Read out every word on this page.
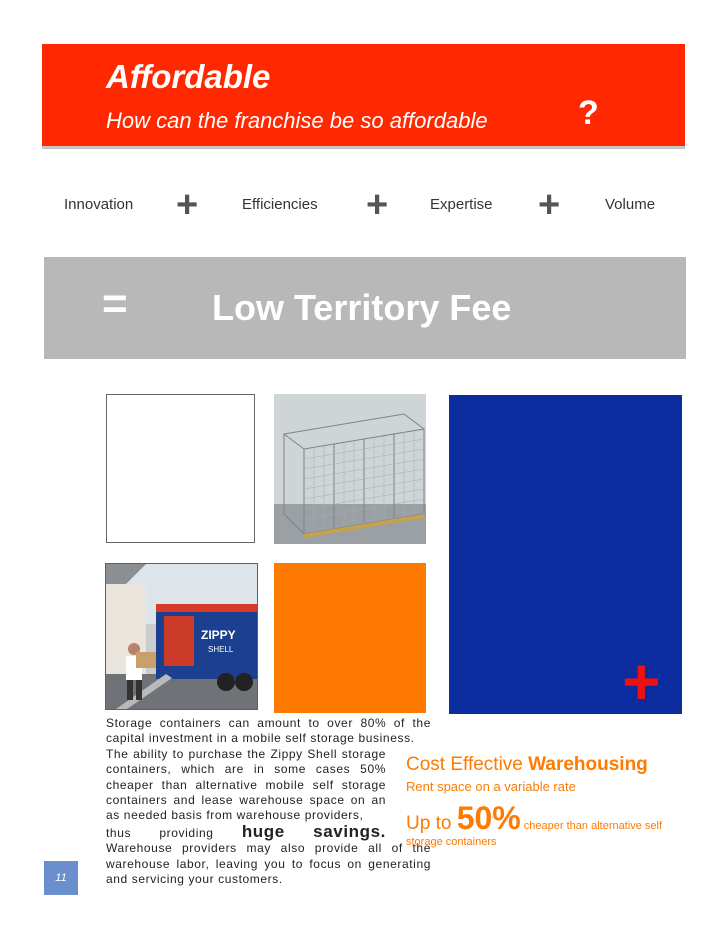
Affordable
How can the franchise be so affordable	?
Innovation +	Efficiencies +	Expertise +	Volume
= Low Territory Fee
+
ZIPPY
SHELL
Storage containers can amount to over 80% of the capital investment in a mobile self storage business.
The ability to purchase the Zippy Shell storage containers, which are in some cases 50% cheaper than alternative mobile self storage containers and lease warehouse space on an as needed basis from warehouse providers,
thus providing huge savings.
Warehouse providers may also provide all of the warehouse labor, leaving you to focus on generating and servicing your customers.
Cost Effective Warehousing
Rent space on a variable rate
Up to 50% cheaper than alternative self
storage containers
11
